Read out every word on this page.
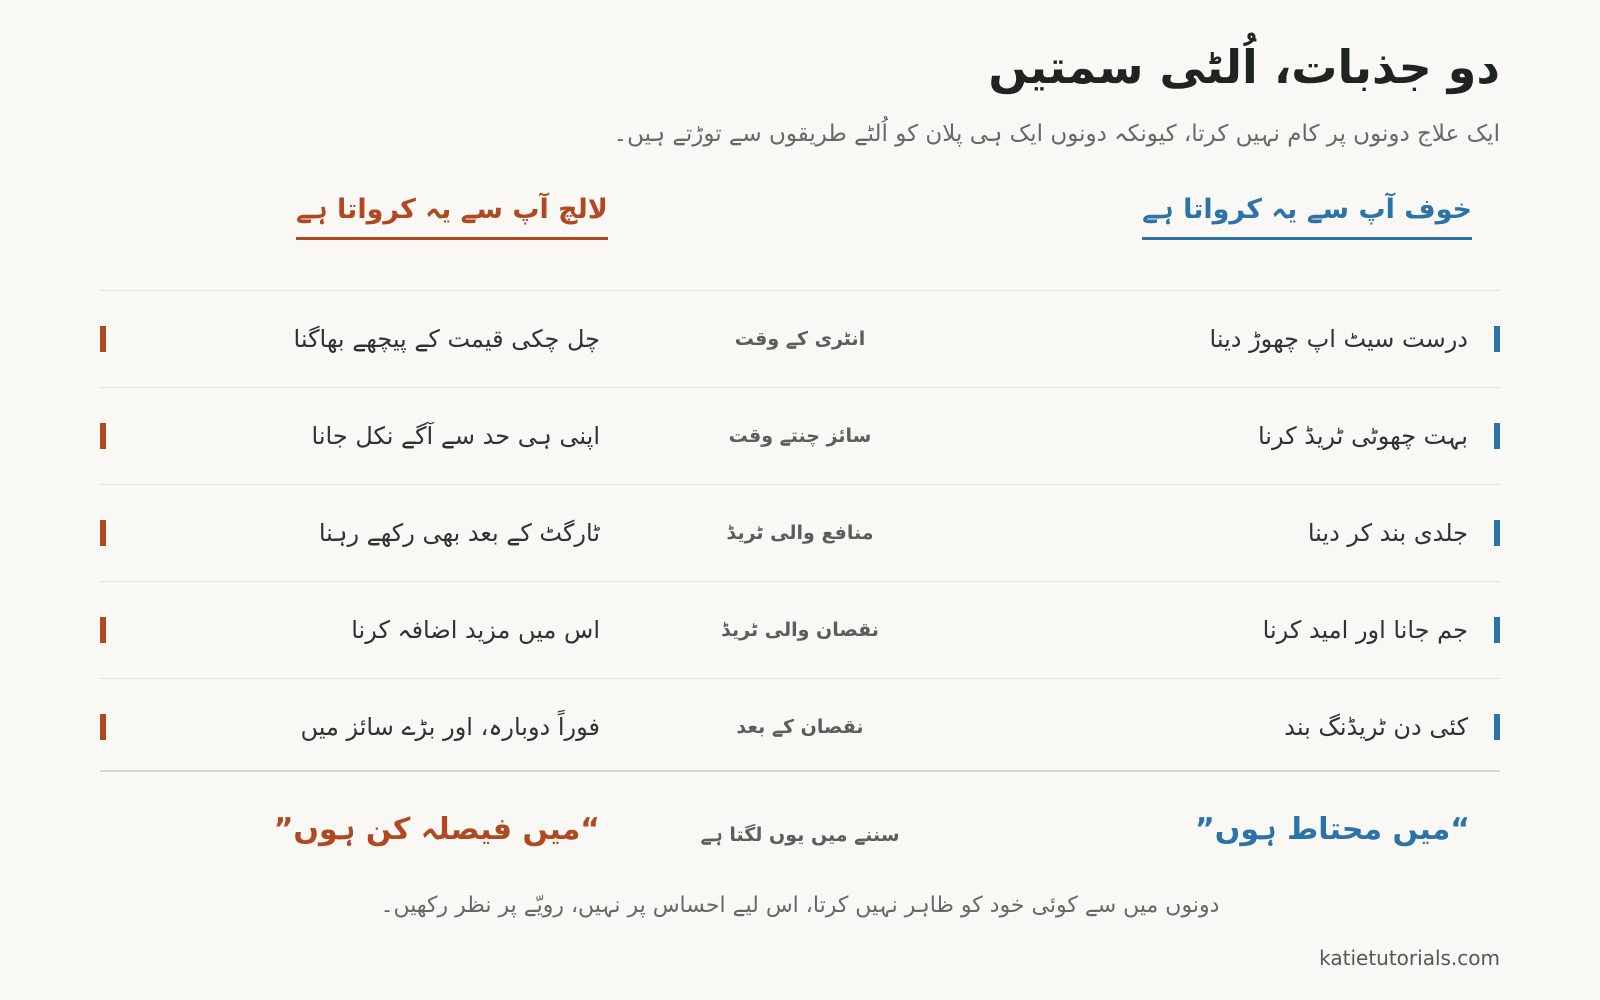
دو جذبات، اُلٹی سمتیں

ایک علاج دونوں پر کام نہیں کرتا، کیونکہ دونوں ایک ہی پلان کو اُلٹے طریقوں سے توڑتے ہیں۔

خوف آپ سے یہ کرواتا ہے
لالچ آپ سے یہ کرواتا ہے
درست سیٹ اپ چھوڑ دینا
انٹری کے وقت
چل چکی قیمت کے پیچھے بھاگنا
بہت چھوٹی ٹریڈ کرنا
سائز چنتے وقت
اپنی ہی حد سے آگے نکل جانا
جلدی بند کر دینا
منافع والی ٹریڈ
ٹارگٹ کے بعد بھی رکھے رہنا
جم جانا اور امید کرنا
نقصان والی ٹریڈ
اس میں مزید اضافہ کرنا
کئی دن ٹریڈنگ بند
نقصان کے بعد
فوراً دوبارہ، اور بڑے سائز میں
“میں محتاط ہوں”
سننے میں یوں لگتا ہے
“میں فیصلہ کن ہوں”
دونوں میں سے کوئی خود کو ظاہر نہیں کرتا، اس لیے احساس پر نہیں، رویّے پر نظر رکھیں۔
katietutorials.com
